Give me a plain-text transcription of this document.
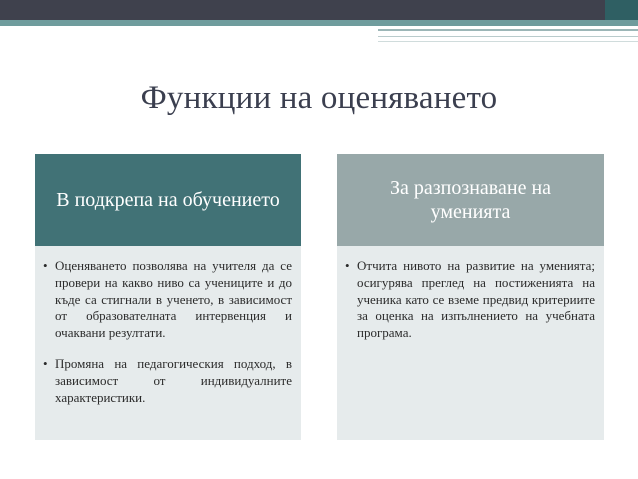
Функции на оценяването
В подкрепа на обучението
• Оценяването позволява на учителя да се провери на какво ниво са учениците и до къде са стигнали в ученето, в зависимост от образователната интервенция и очаквани резултати.
• Промяна на педагогическия подход, в зависимост от индивидуалните характеристики.
За разпознаване на уменията
• Отчита нивото на развитие на уменията; осигурява преглед на постиженията на ученика като се вземе предвид критериите за оценка на изпълнението на учебната програма.
